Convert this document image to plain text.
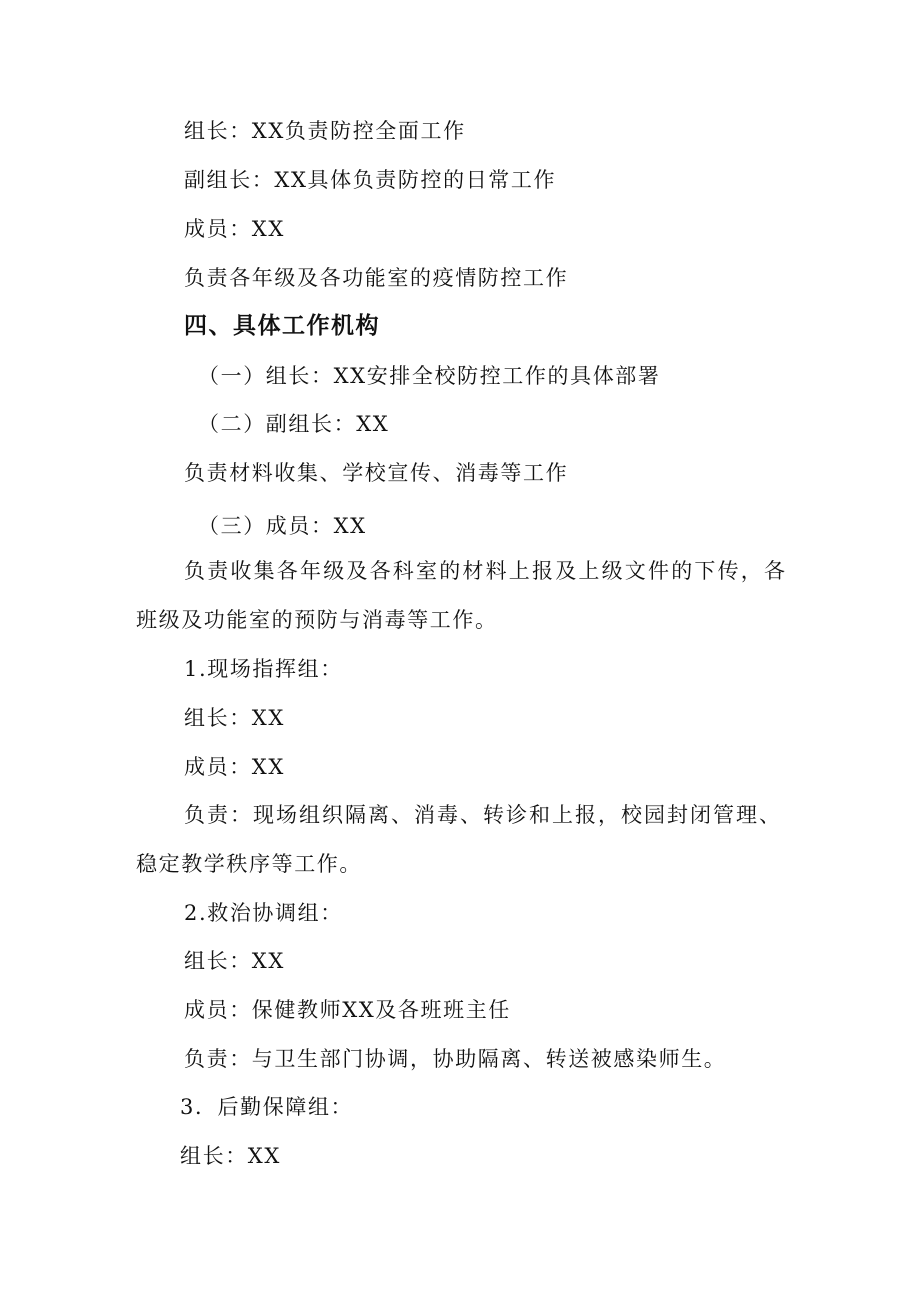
组长：XX负责防控全面工作
副组长：XX具体负责防控的日常工作
成员：XX
负责各年级及各功能室的疫情防控工作
四、具体工作机构
（一）组长：XX安排全校防控工作的具体部署
（二）副组长：XX
负责材料收集、学校宣传、消毒等工作
（三）成员：XX
负责收集各年级及各科室的材料上报及上级文件的下传，各
班级及功能室的预防与消毒等工作。
1.现场指挥组：
组长：XX
成员：XX
负责：现场组织隔离、消毒、转诊和上报，校园封闭管理、
稳定教学秩序等工作。
2.救治协调组：
组长：XX
成员：保健教师XX及各班班主任
负责：与卫生部门协调，协助隔离、转送被感染师生。
3．后勤保障组：
组长：XX
